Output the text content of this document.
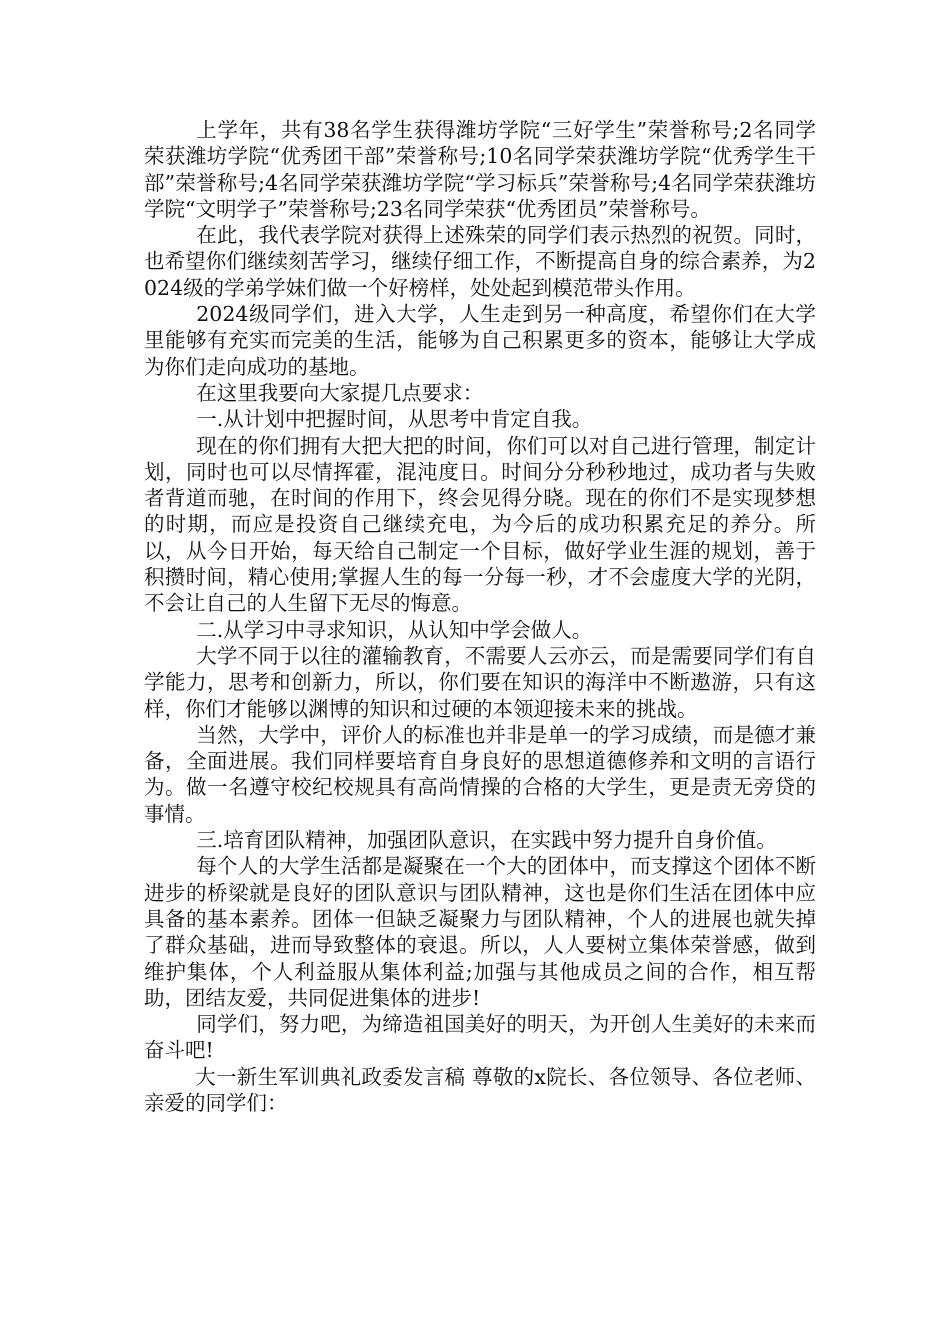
上学年，共有38名学生获得潍坊学院“三好学生”荣誉称号;2名同学荣获潍坊学院“优秀团干部”荣誉称号;10名同学荣获潍坊学院“优秀学生干部”荣誉称号;4名同学荣获潍坊学院“学习标兵”荣誉称号;4名同学荣获潍坊学院“文明学子”荣誉称号;23名同学荣获“优秀团员”荣誉称号。

在此，我代表学院对获得上述殊荣的同学们表示热烈的祝贺。同时，也希望你们继续刻苦学习，继续仔细工作，不断提高自身的综合素养，为2024级的学弟学妹们做一个好榜样，处处起到模范带头作用。

2024级同学们，进入大学，人生走到另一种高度，希望你们在大学里能够有充实而完美的生活，能够为自己积累更多的资本，能够让大学成为你们走向成功的基地。

在这里我要向大家提几点要求：

一.从计划中把握时间，从思考中肯定自我。

现在的你们拥有大把大把的时间，你们可以对自己进行管理，制定计划，同时也可以尽情挥霍，混沌度日。时间分分秒秒地过，成功者与失败者背道而驰，在时间的作用下，终会见得分晓。现在的你们不是实现梦想的时期，而应是投资自己继续充电，为今后的成功积累充足的养分。所以，从今日开始，每天给自己制定一个目标，做好学业生涯的规划，善于积攒时间，精心使用;掌握人生的每一分每一秒，才不会虚度大学的光阴，不会让自己的人生留下无尽的悔意。

二.从学习中寻求知识，从认知中学会做人。

大学不同于以往的灌输教育，不需要人云亦云，而是需要同学们有自学能力，思考和创新力，所以，你们要在知识的海洋中不断遨游，只有这样，你们才能够以渊博的知识和过硬的本领迎接未来的挑战。

当然，大学中，评价人的标准也并非是单一的学习成绩，而是德才兼备，全面进展。我们同样要培育自身良好的思想道德修养和文明的言语行为。做一名遵守校纪校规具有高尚情操的合格的大学生，更是责无旁贷的事情。

三.培育团队精神，加强团队意识，在实践中努力提升自身价值。

每个人的大学生活都是凝聚在一个大的团体中，而支撑这个团体不断进步的桥梁就是良好的团队意识与团队精神，这也是你们生活在团体中应具备的基本素养。团体一但缺乏凝聚力与团队精神，个人的进展也就失掉了群众基础，进而导致整体的衰退。所以，人人要树立集体荣誉感，做到维护集体，个人利益服从集体利益;加强与其他成员之间的合作，相互帮助，团结友爱，共同促进集体的进步!

同学们，努力吧，为缔造祖国美好的明天，为开创人生美好的未来而奋斗吧!

大一新生军训典礼政委发言稿 尊敬的x院长、各位领导、各位老师、亲爱的同学们：
